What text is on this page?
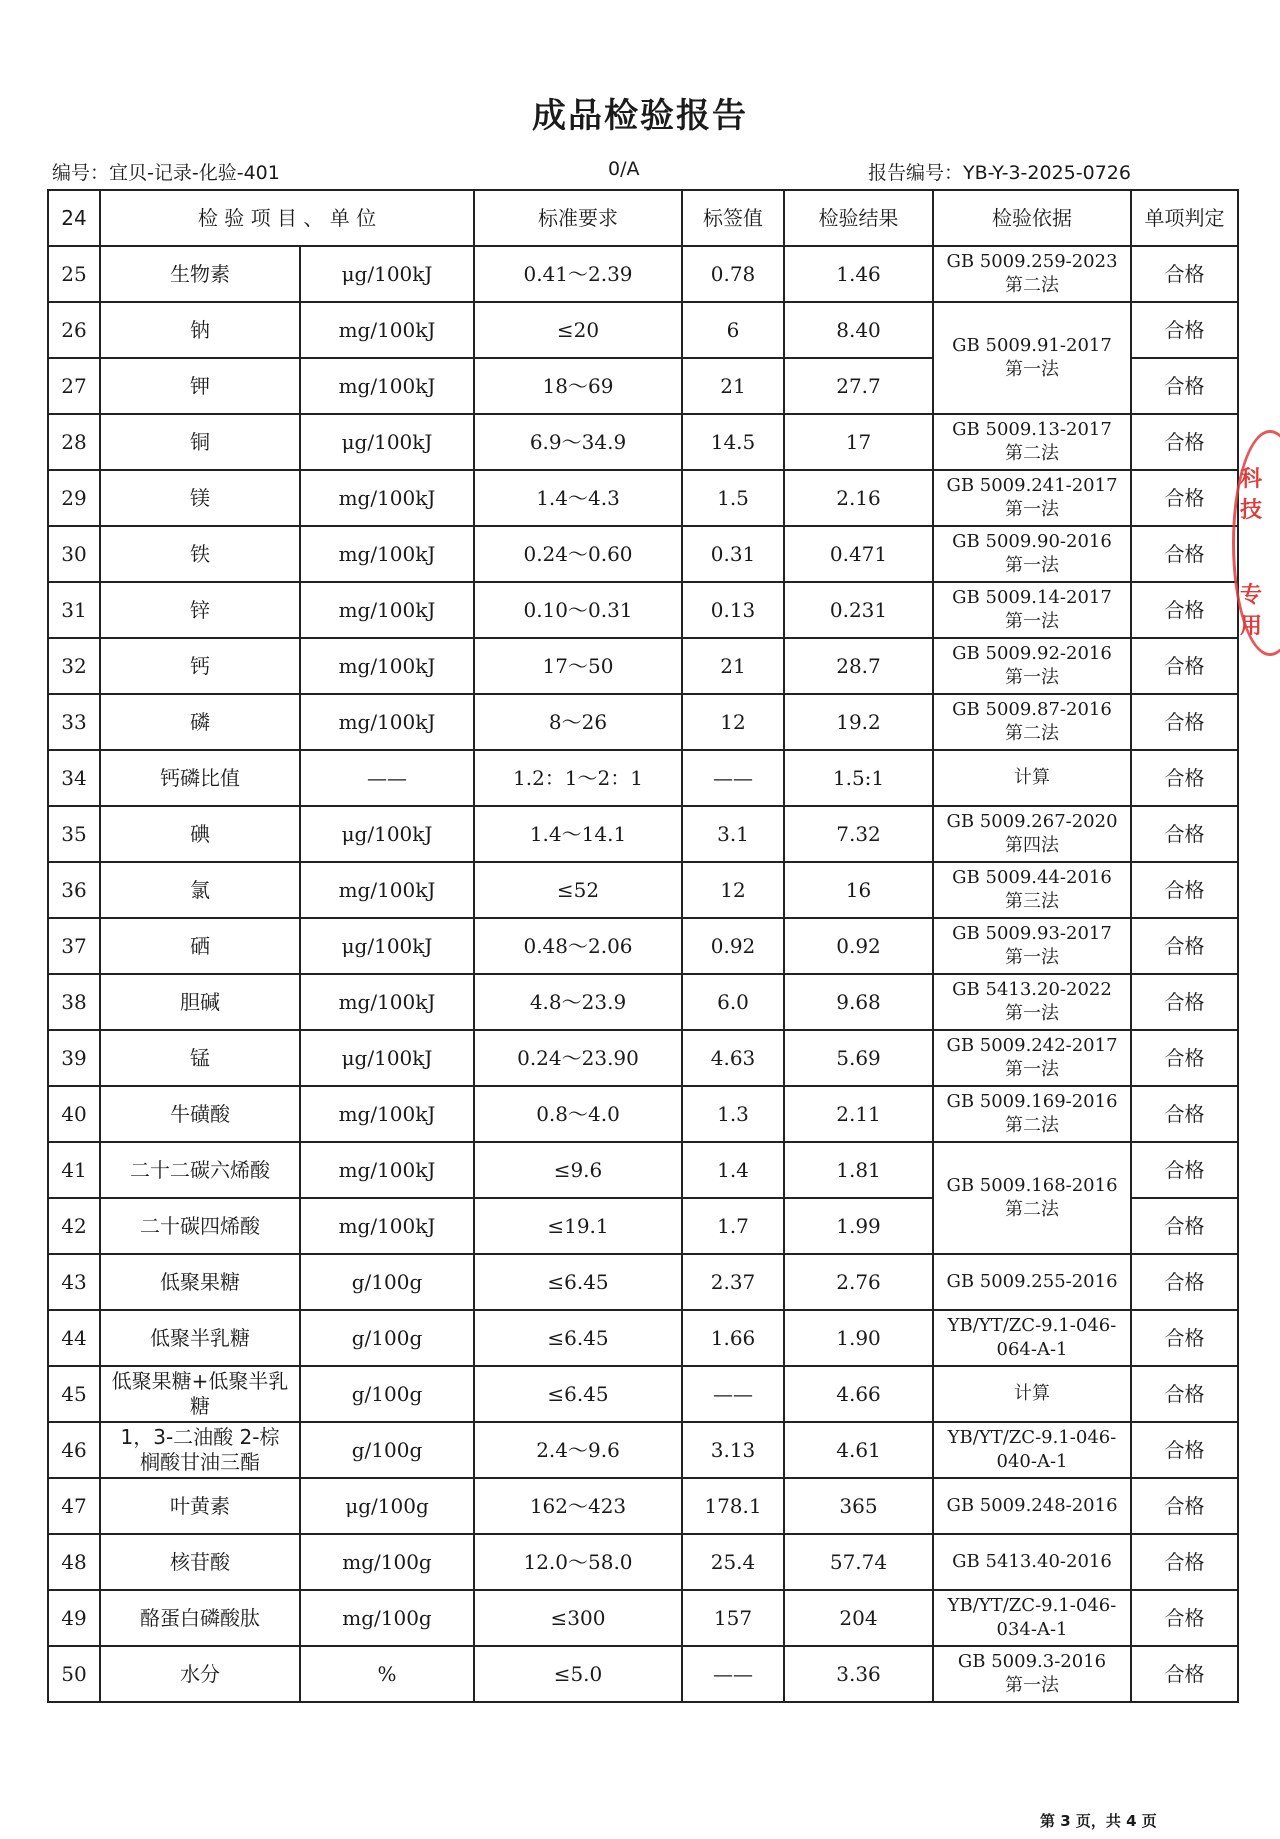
成品检验报告
编号：宜贝-记录-化验-401	0/A	报告编号：YB-Y-3-2025-0726
24	检 验 项 目 、 单 位		标准要求	标签值	检验结果	检验依据	单项判定
25	生物素	μg/100kJ	0.41～2.39	0.78	1.46	GB 5009.259-2023
第二法	合格
26	钠	mg/100kJ	≤20	6	8.40	GB 5009.91-2017
第一法	合格
27	钾	mg/100kJ	18～69	21	27.7		合格
28	铜	μg/100kJ	6.9～34.9	14.5	17	GB 5009.13-2017
第二法	合格
29	镁	mg/100kJ	1.4～4.3	1.5	2.16	GB 5009.241-2017
第一法	合格
30	铁	mg/100kJ	0.24～0.60	0.31	0.471	GB 5009.90-2016
第一法	合格
31	锌	mg/100kJ	0.10～0.31	0.13	0.231	GB 5009.14-2017
第一法	合格
32	钙	mg/100kJ	17～50	21	28.7	GB 5009.92-2016
第一法	合格
33	磷	mg/100kJ	8～26	12	19.2	GB 5009.87-2016
第二法	合格
34	钙磷比值	——	1.2：1～2：1	——	1.5:1	计算	合格
35	碘	μg/100kJ	1.4～14.1	3.1	7.32	GB 5009.267-2020
第四法	合格
36	氯	mg/100kJ	≤52	12	16	GB 5009.44-2016
第三法	合格
37	硒	μg/100kJ	0.48～2.06	0.92	0.92	GB 5009.93-2017
第一法	合格
38	胆碱	mg/100kJ	4.8～23.9	6.0	9.68	GB 5413.20-2022
第一法	合格
39	锰	μg/100kJ	0.24～23.90	4.63	5.69	GB 5009.242-2017
第一法	合格
40	牛磺酸	mg/100kJ	0.8～4.0	1.3	2.11	GB 5009.169-2016
第二法	合格
41	二十二碳六烯酸	mg/100kJ	≤9.6	1.4	1.81	GB 5009.168-2016
第二法	合格
42	二十碳四烯酸	mg/100kJ	≤19.1	1.7	1.99		合格
43	低聚果糖	g/100g	≤6.45	2.37	2.76	GB 5009.255-2016	合格
44	低聚半乳糖	g/100g	≤6.45	1.66	1.90	YB/YT/ZC-9.1-046-
064-A-1	合格
45	低聚果糖+低聚半乳
糖	g/100g	≤6.45	——	4.66	计算	合格
46	1，3-二油酸 2-棕
榈酸甘油三酯	g/100g	2.4～9.6	3.13	4.61	YB/YT/ZC-9.1-046-
040-A-1	合格
47	叶黄素	μg/100g	162～423	178.1	365	GB 5009.248-2016	合格
48	核苷酸	mg/100g	12.0～58.0	25.4	57.74	GB 5413.40-2016	合格
49	酪蛋白磷酸肽	mg/100g	≤300	157	204	YB/YT/ZC-9.1-046-
034-A-1	合格
50	水分	%	≤5.0	——	3.36	GB 5009.3-2016
第一法	合格
科技
专用
第 3 页，共 4 页
